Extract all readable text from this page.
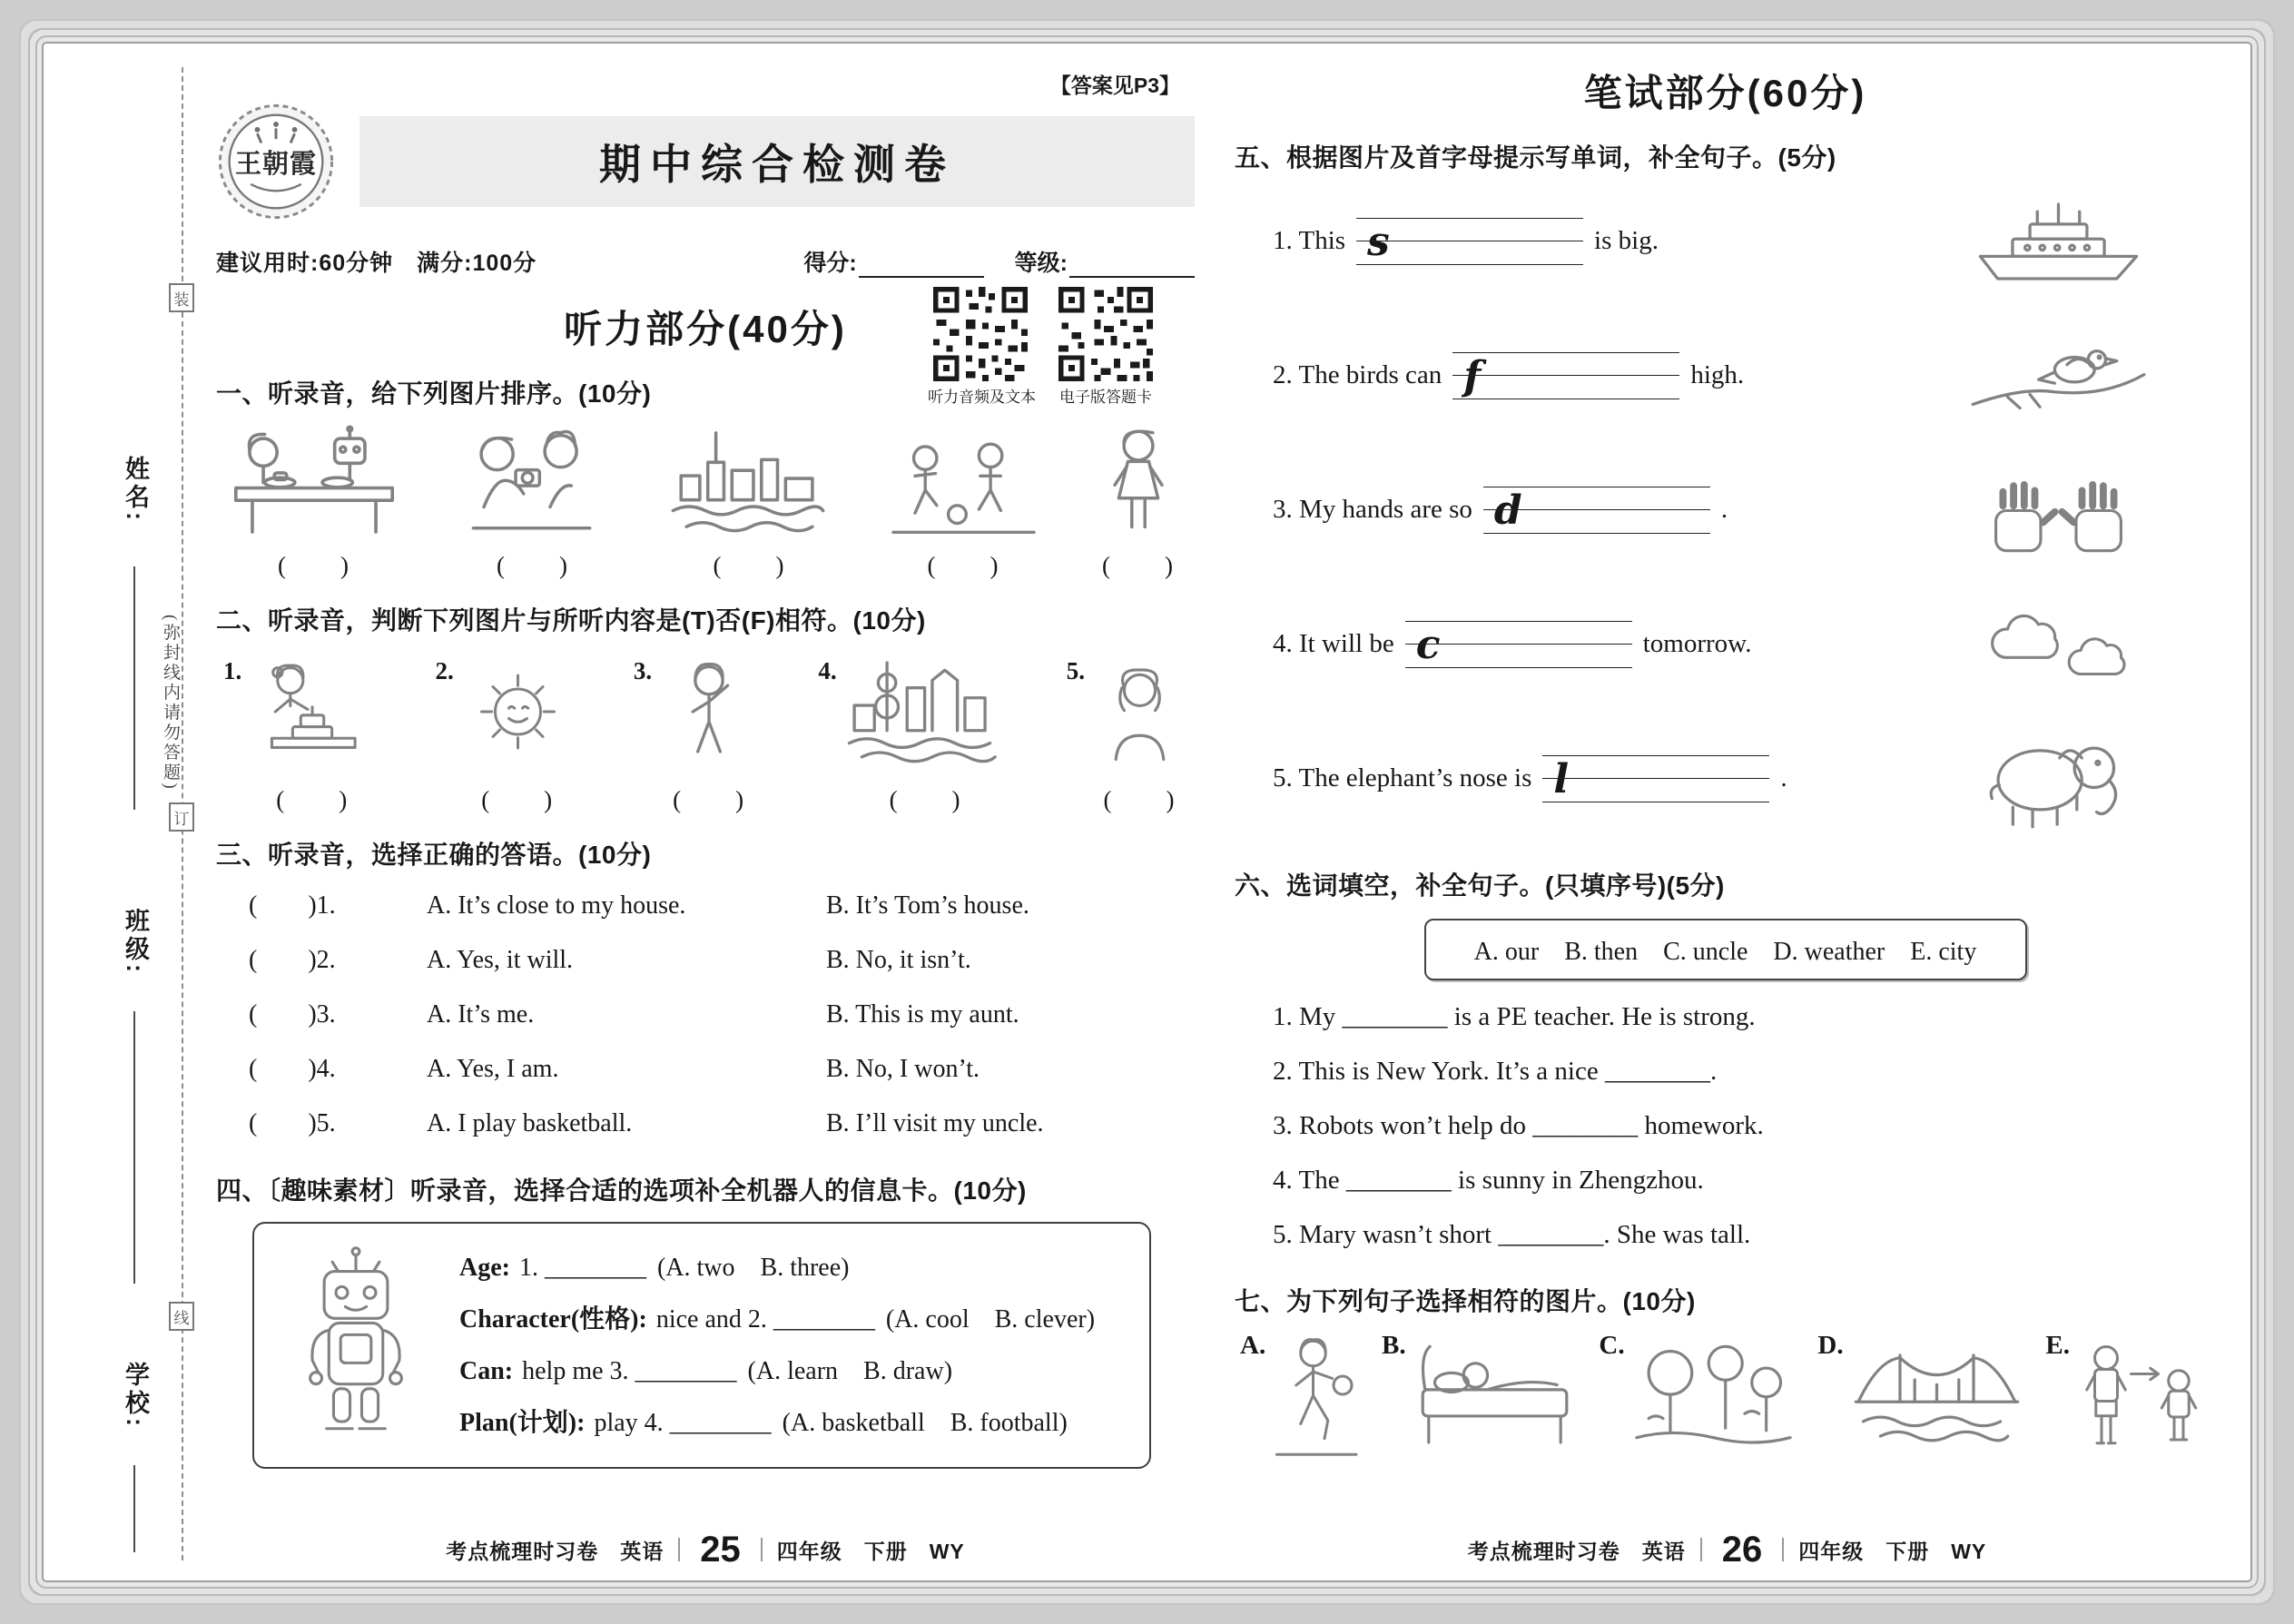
装
姓名:
(弥封线内请勿答题)
订
班级:
线
学校:
【答案见P3】
王朝霞	期中综合检测卷
建议用时:60分钟　满分:100分	得分:	等级:
听力部分(40分)
听力音频及文本	电子版答题卡
一、听录音，给下列图片排序。(10分)
(　　)	(　　)	(　　)	(　　)	(　　)
二、听录音，判断下列图片与所听内容是(T)否(F)相符。(10分)
1.
(　　)
2.
(　　)
3.
(　　)
4.
(　　)
5.
(　　)
三、听录音，选择正确的答语。(10分)
(　　)1.	A. It’s close to my house.	B. It’s Tom’s house.
(　　)2.	A. Yes, it will.	B. No, it isn’t.
(　　)3.	A. It’s me.	B. This is my aunt.
(　　)4.	A. Yes, I am.	B. No, I won’t.
(　　)5.	A. I play basketball.	B. I’ll visit my uncle.
四、〔趣味素材〕听录音，选择合适的选项补全机器人的信息卡。(10分)
Age: 1. ________ (A. two　B. three)
Character(性格): nice and 2. ________ (A. cool　B. clever)
Can: help me 3. ________ (A. learn　B. draw)
Plan(计划): play 4. ________ (A. basketball　B. football)
考点梳理时习卷　英语 25 四年级　下册　WY
笔试部分(60分)
五、根据图片及首字母提示写单词，补全句子。(5分)
1. This s	is big.
2. The birds can f	high.
3. My hands are so d	.
4. It will be c	tomorrow.
5. The elephant’s nose is l	.
六、选词填空，补全句子。(只填序号)(5分)
A. our　B. then　C. uncle　D. weather　E. city
1. My ________ is a PE teacher. He is strong.
2. This is New York. It’s a nice ________.
3. Robots won’t help do ________ homework.
4. The ________ is sunny in Zhengzhou.
5. Mary wasn’t short ________. She was tall.
七、为下列句子选择相符的图片。(10分)
A.	B.	C.	D.	E.
考点梳理时习卷　英语 26 四年级　下册　WY
